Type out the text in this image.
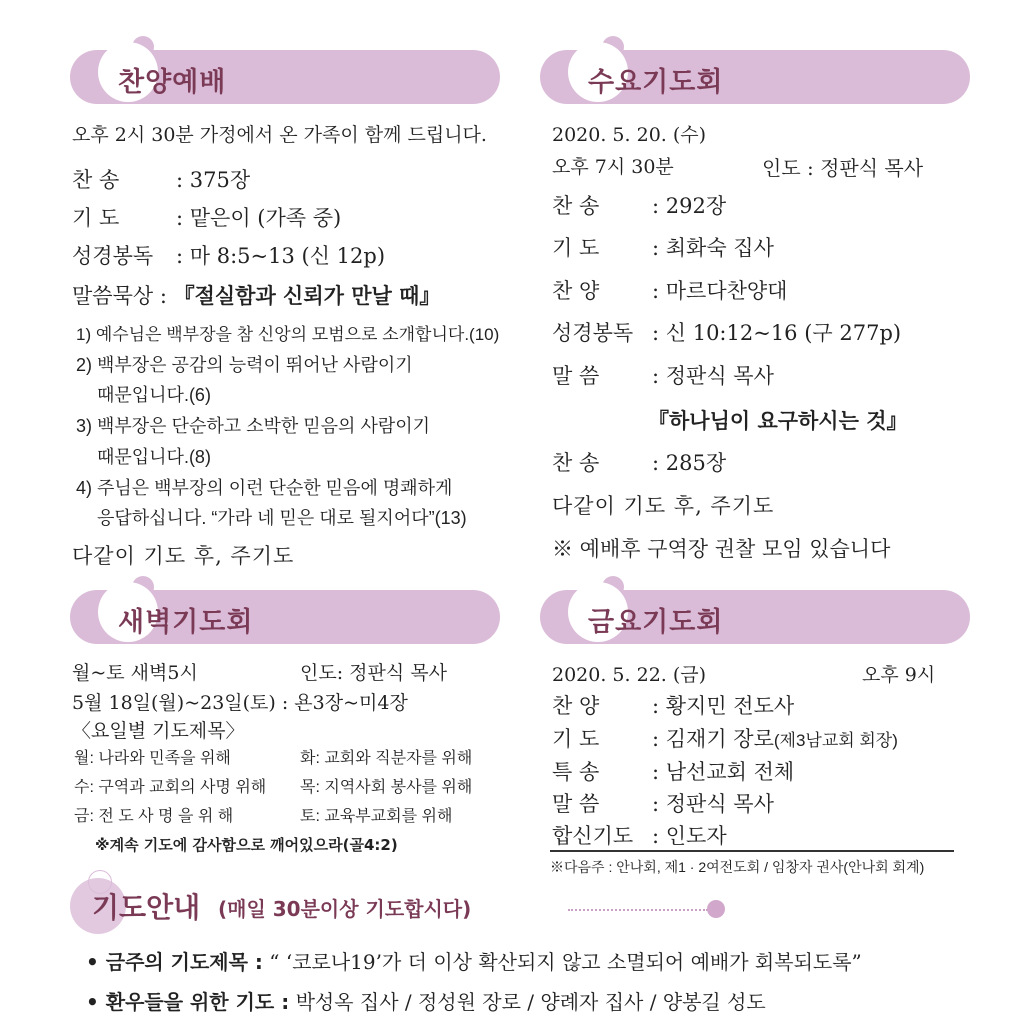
찬양예배
오후 2시 30분 가정에서 온 가족이 함께 드립니다.
찬 송	: 375장
기 도	: 맡은이 (가족 중)
성경봉독 : 마 8:5~13 (신 12p)
말씀묵상 : 『절실함과 신뢰가 만날 때』
1) 예수님은 백부장을 참 신앙의 모범으로 소개합니다.(10)
2) 백부장은 공감의 능력이 뛰어난 사람이기
때문입니다.(6)
3) 백부장은 단순하고 소박한 믿음의 사람이기
때문입니다.(8)
4) 주님은 백부장의 이런 단순한 믿음에 명쾌하게
응답하십니다. “가라 네 믿은 대로 될지어다”(13)
다같이 기도 후, 주기도
수요기도회
2020. 5. 20. (수)
오후 7시 30분	인도 : 정판식 목사
찬 송	: 292장
기 도	: 최화숙 집사
찬 양	: 마르다찬양대
성경봉독 : 신 10:12~16 (구 277p)
말 씀	: 정판식 목사
『하나님이 요구하시는 것』
찬 송	: 285장
다같이 기도 후, 주기도
※ 예배후 구역장 권찰 모임 있습니다
새벽기도회
월~토 새벽5시	인도: 정판식 목사
5월 18일(월)~23일(토) : 욘3장~미4장
〈요일별 기도제목〉
월: 나라와 민족을 위해	화: 교회와 직분자를 위해
수: 구역과 교회의 사명 위해 목: 지역사회 봉사를 위해
금: 전 도 사 명 을 위 해	토: 교육부교회를 위해
※계속 기도에 감사함으로 깨어있으라(골4:2)
금요기도회
2020. 5. 22. (금)	오후 9시
찬 양	: 황지민 전도사
기 도	: 김재기 장로(제3남교회 회장)
특 송	: 남선교회 전체
말 씀	: 정판식 목사
합신기도 : 인도자
※다음주 : 안나회, 제1 · 2여전도회 / 임창자 권사(안나회 회계)
기도안내 (매일 30분이상 기도합시다)
• 금주의 기도제목 : “ ‘코로나19’가 더 이상 확산되지 않고 소멸되어 예배가 회복되도록”
• 환우들을 위한 기도 : 박성옥 집사 / 정성원 장로 / 양례자 집사 / 양봉길 성도
